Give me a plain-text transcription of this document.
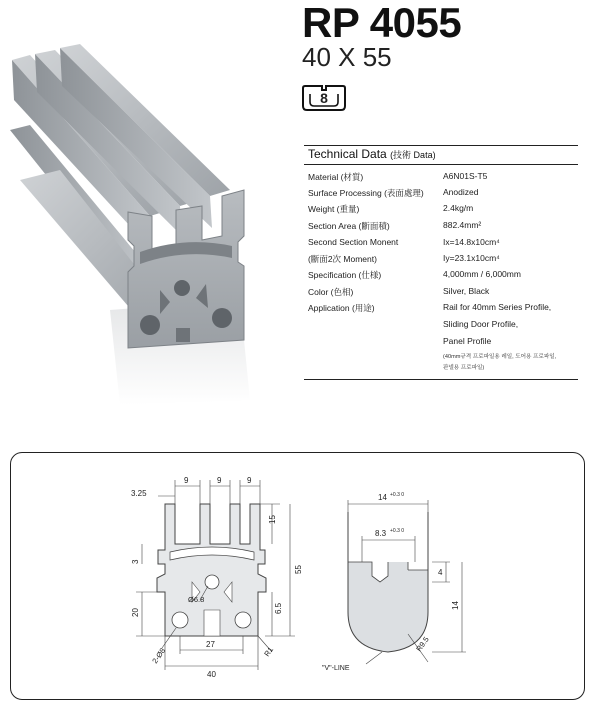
RP 4055
40 X 55
8
Technical Data (技術 Data)
Material (材質)	A6N01S-T5
Surface Processing (表面處理) Anodized
Weight (重量)	2.4kg/m
Section Area (斷面積)	882.4mm²
Second Section Monent	Ix=14.8x10cm⁴
(斷面2次 Moment)	Iy=23.1x10cm⁴
Specification (仕様)	4,000mm / 6,000mm
Color (色相)	Silver, Black
Application (用途)	Rail for 40mm Series Profile,
Sliding Door Profile,
Panel Profile
(40mm규격 프로파일용 레일, 도어용 프로파일,
판넬용 프로파일)
3.25
9	9	9
15
3
55
20	6.5
Ø6.8
2-Ø8
27
40
R1
14 +0.3 0
8.3 +0.3 0
4
14
R9.5
"V"-LINE
